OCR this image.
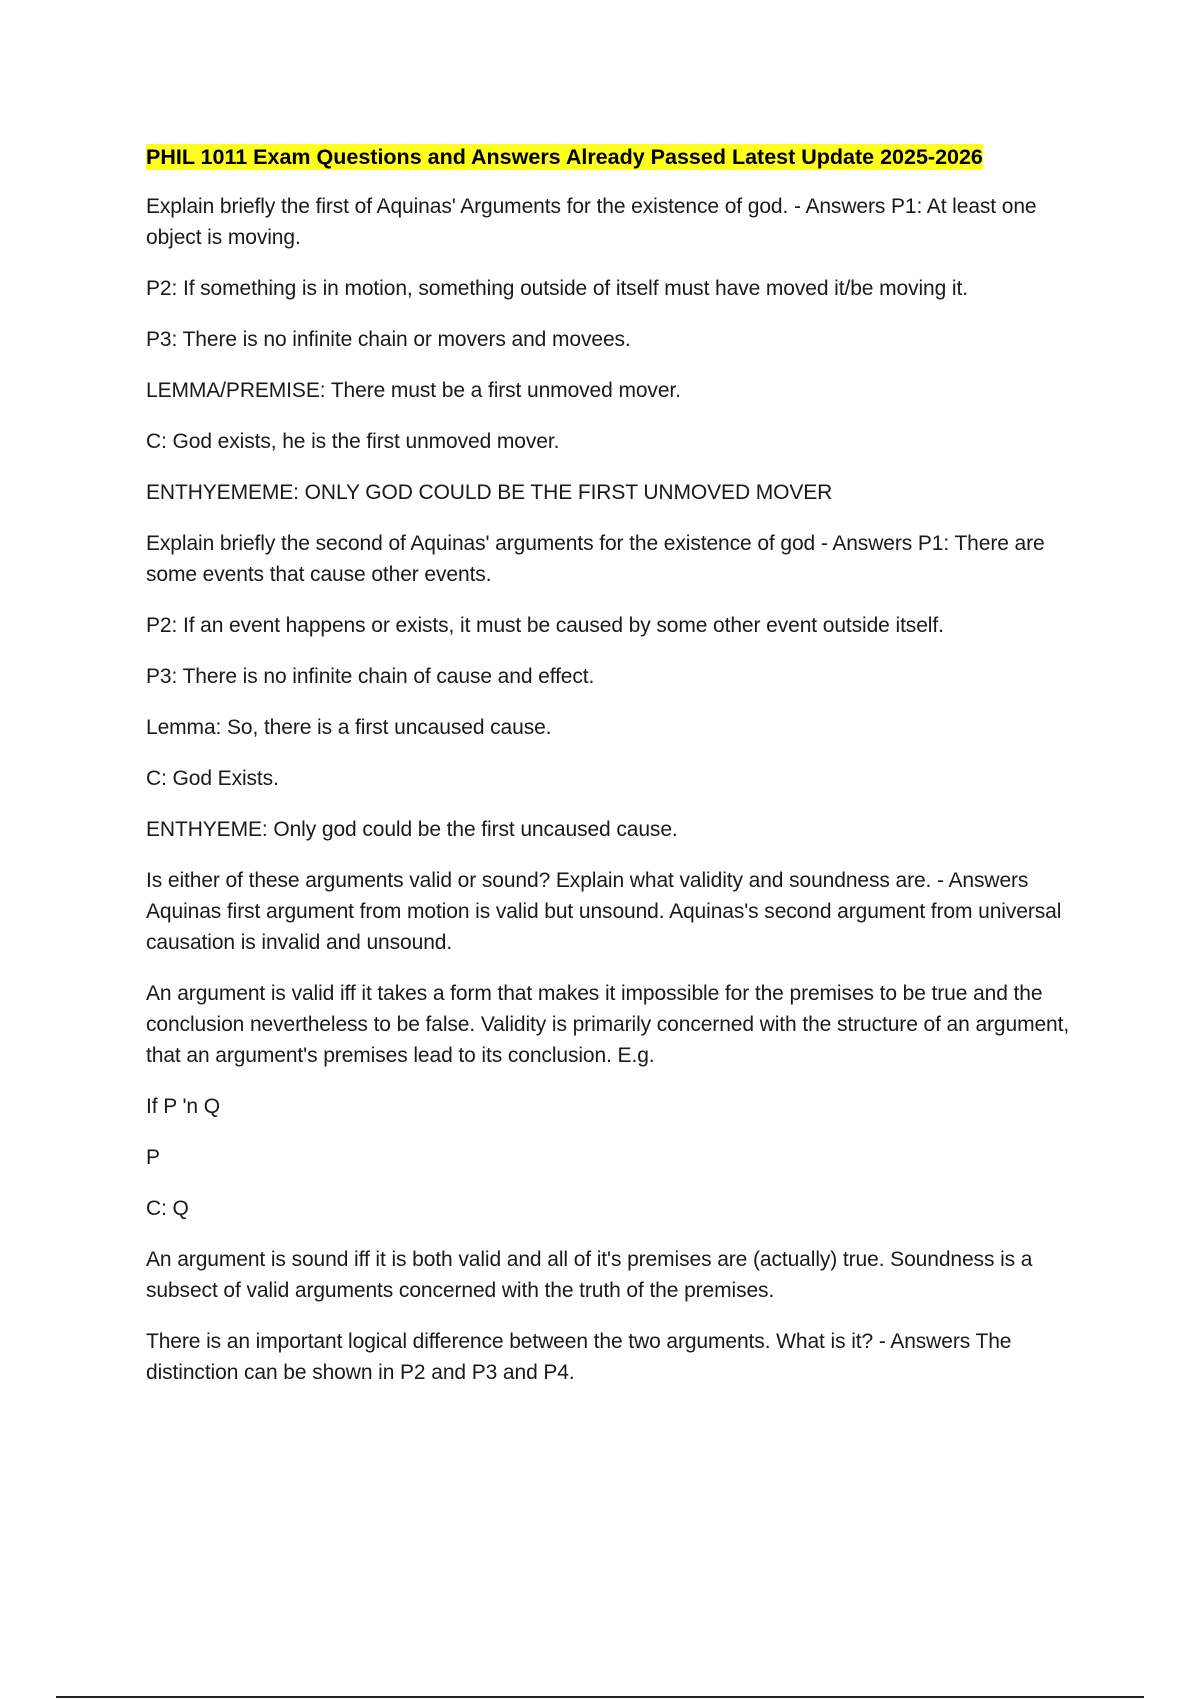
PHIL 1011 Exam Questions and Answers Already Passed Latest Update 2025-2026

Explain briefly the first of Aquinas' Arguments for the existence of god. - Answers P1: At least one object is moving.

P2: If something is in motion, something outside of itself must have moved it/be moving it.

P3: There is no infinite chain or movers and movees.

LEMMA/PREMISE: There must be a first unmoved mover.

C: God exists, he is the first unmoved mover.

ENTHYEMEME: ONLY GOD COULD BE THE FIRST UNMOVED MOVER

Explain briefly the second of Aquinas' arguments for the existence of god - Answers P1: There are some events that cause other events.

P2: If an event happens or exists, it must be caused by some other event outside itself.

P3: There is no infinite chain of cause and effect.

Lemma: So, there is a first uncaused cause.

C: God Exists.

ENTHYEME: Only god could be the first uncaused cause.

Is either of these arguments valid or sound? Explain what validity and soundness are. - Answers Aquinas first argument from motion is valid but unsound. Aquinas's second argument from universal causation is invalid and unsound.

An argument is valid iff it takes a form that makes it impossible for the premises to be true and the conclusion nevertheless to be false. Validity is primarily concerned with the structure of an argument, that an argument's premises lead to its conclusion. E.g.

If P 'n Q

P

C: Q

An argument is sound iff it is both valid and all of it's premises are (actually) true. Soundness is a subsect of valid arguments concerned with the truth of the premises.

There is an important logical difference between the two arguments. What is it? - Answers The distinction can be shown in P2 and P3 and P4.
